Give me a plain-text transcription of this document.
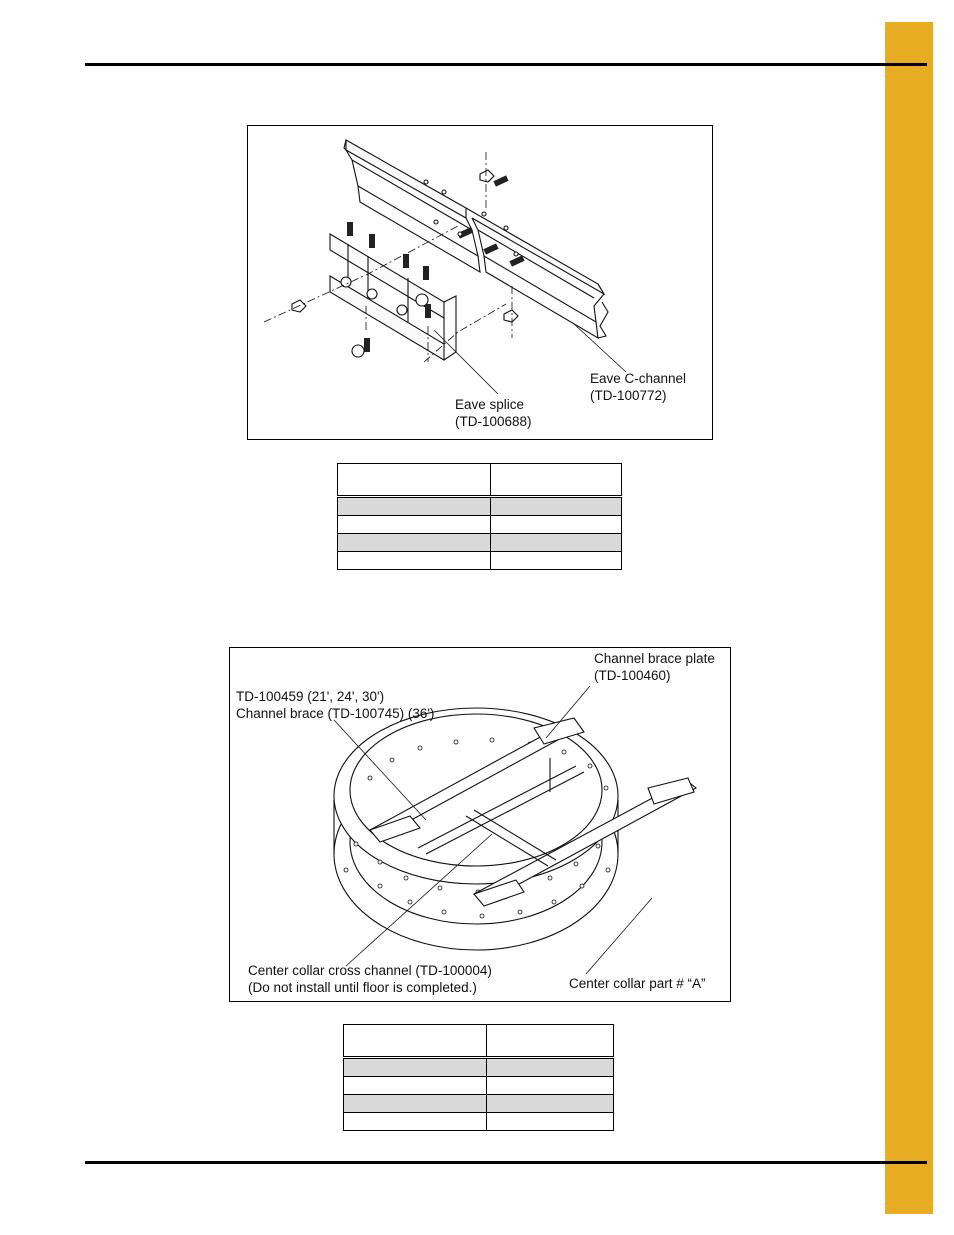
Eave C-channel
(TD-100772)
Eave splice
(TD-100688)

Channel brace plate
(TD-100460)
TD-100459 (21', 24', 30')
Channel brace (TD-100745) (36')
Center collar cross channel (TD-100004)
(Do not install until floor is completed.)	Center collar part # “A”
